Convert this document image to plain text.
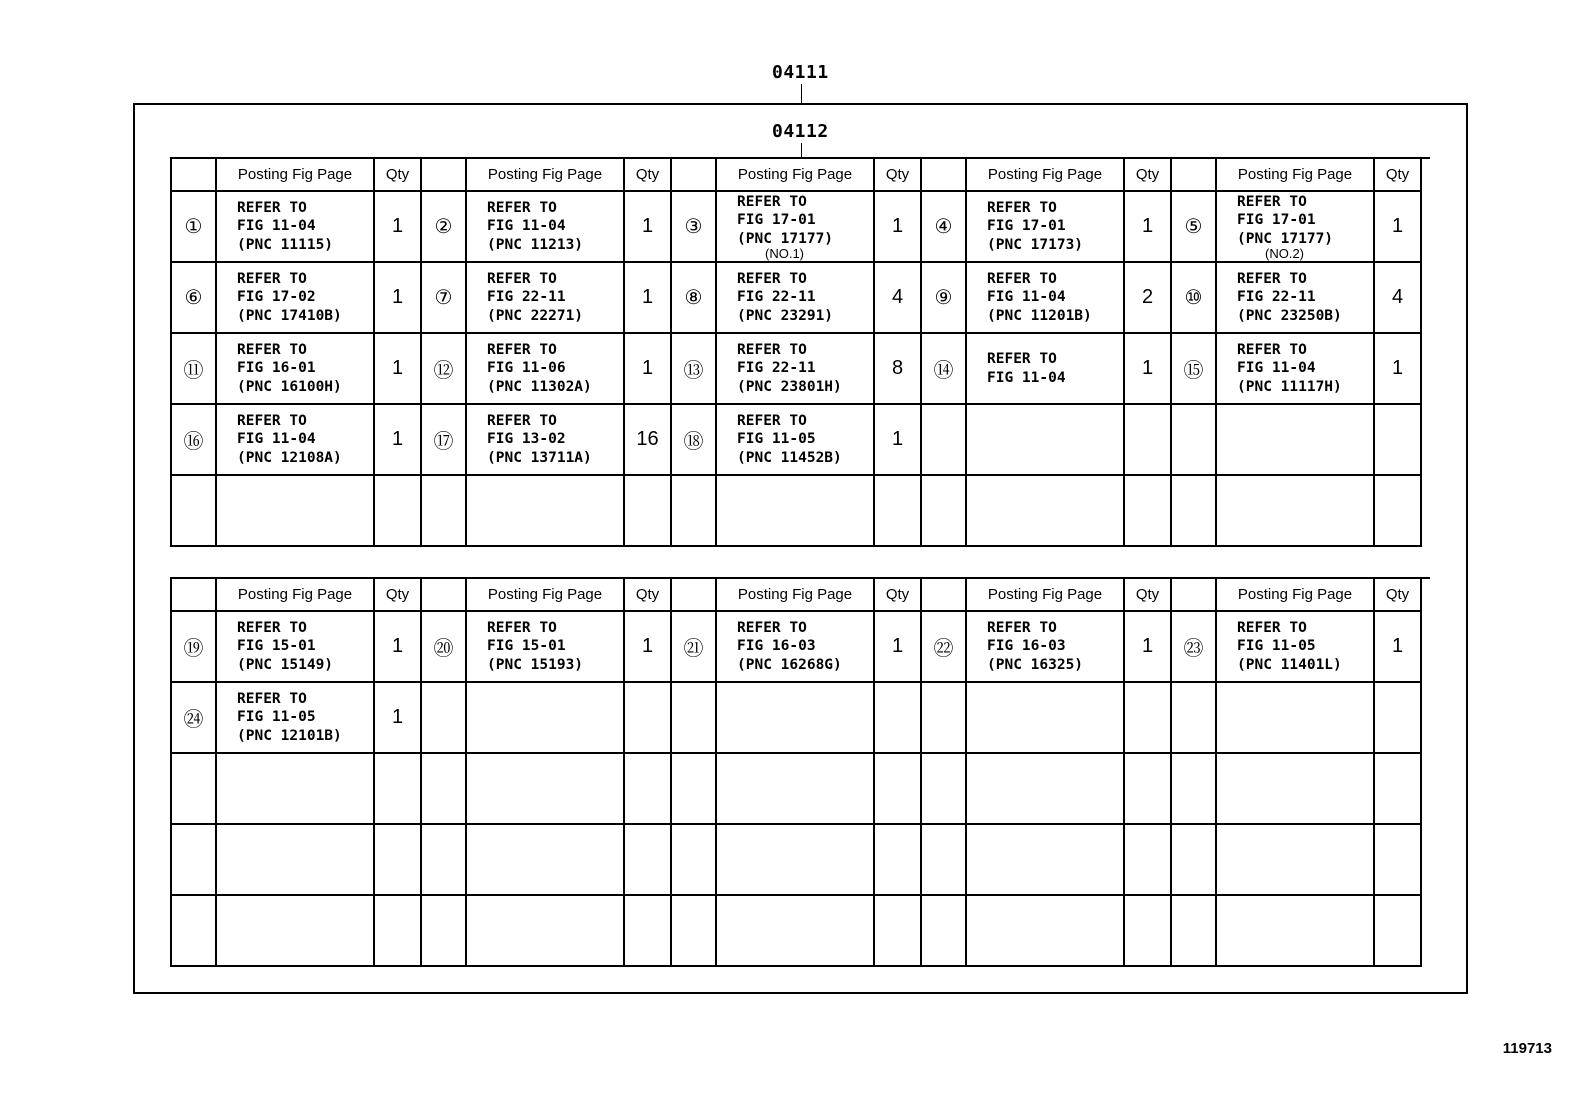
04111
04112
Posting Fig Page	Qty	Posting Fig Page	Qty	Posting Fig Page	Qty	Posting Fig Page	Qty	Posting Fig Page	Qty
①
REFER TO
FIG 11-04
(PNC 11115)
1	②
REFER TO
FIG 11-04
(PNC 11213)
1	③
REFER TO
FIG 17-01
(PNC 17177)
(NO.1)
1	④
REFER TO
FIG 17-01
(PNC 17173)
1	⑤
REFER TO
FIG 17-01
(PNC 17177)
(NO.2)
1
⑥
REFER TO
FIG 17-02
(PNC 17410B)
1	⑦
REFER TO
FIG 22-11
(PNC 22271)
1	⑧
REFER TO
FIG 22-11
(PNC 23291)
4	⑨
REFER TO
FIG 11-04
(PNC 11201B)
2	⑩
REFER TO
FIG 22-11
(PNC 23250B)
4
⑪
REFER TO
FIG 16-01
(PNC 16100H)
1	⑫
REFER TO
FIG 11-06
(PNC 11302A)
1	⑬
REFER TO
FIG 22-11
(PNC 23801H)
8	⑭
REFER TO
FIG 11-04	1	⑮
REFER TO
FIG 11-04
(PNC 11117H)
1
⑯
REFER TO
FIG 11-04
(PNC 12108A)
1	⑰
REFER TO
FIG 13-02
(PNC 13711A)
16	⑱
REFER TO
FIG 11-05
(PNC 11452B)
1
Posting Fig Page	Qty	Posting Fig Page	Qty	Posting Fig Page	Qty	Posting Fig Page	Qty	Posting Fig Page	Qty
⑲
REFER TO
FIG 15-01
(PNC 15149)
1	⑳
REFER TO
FIG 15-01
(PNC 15193)
1	㉑
REFER TO
FIG 16-03
(PNC 16268G)
1	㉒
REFER TO
FIG 16-03
(PNC 16325)
1	㉓
REFER TO
FIG 11-05
(PNC 11401L)
1
㉔
REFER TO
FIG 11-05
(PNC 12101B)
1
119713
